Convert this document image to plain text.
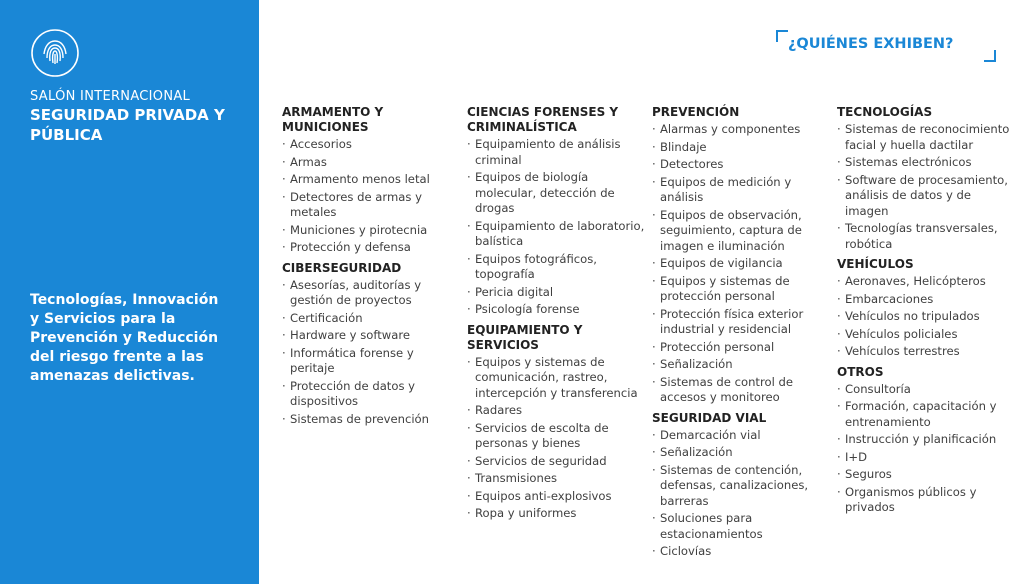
SALÓN INTERNACIONAL
SEGURIDAD PRIVADA Y PÚBLICA
Tecnologías, Innovación y Servicios para la Prevención y Reducción del riesgo frente a las amenazas delictivas.
¿QUIÉNES EXHIBEN?
ARMAMENTO Y MUNICIONES
· Accesorios
· Armas
· Armamento menos letal
· Detectores de armas y metales
· Municiones y pirotecnia
· Protección y defensa
CIBERSEGURIDAD
· Asesorías, auditorías y gestión de proyectos
· Certificación
· Hardware y software
· Informática forense y peritaje
· Protección de datos y dispositivos
· Sistemas de prevención
CIENCIAS FORENSES Y CRIMINALÍSTICA
· Equipamiento de análisis criminal
· Equipos de biología molecular, detección de drogas
· Equipamiento de laboratorio, balística
· Equipos fotográficos, topografía
· Pericia digital
· Psicología forense
EQUIPAMIENTO Y SERVICIOS
· Equipos y sistemas de comunicación, rastreo, intercepción y transferencia
· Radares
· Servicios de escolta de personas y bienes
· Servicios de seguridad
· Transmisiones
· Equipos anti-explosivos
· Ropa y uniformes
PREVENCIÓN
· Alarmas y componentes
· Blindaje
· Detectores
· Equipos de medición y análisis
· Equipos de observación, seguimiento, captura de imagen e iluminación
· Equipos de vigilancia
· Equipos y sistemas de protección personal
· Protección física exterior industrial y residencial
· Protección personal
· Señalización
· Sistemas de control de accesos y monitoreo
SEGURIDAD VIAL
· Demarcación vial
· Señalización
· Sistemas de contención, defensas, canalizaciones, barreras
· Soluciones para estacionamientos
· Ciclovías
TECNOLOGÍAS
· Sistemas de reconocimiento facial y huella dactilar
· Sistemas electrónicos
· Software de procesamiento, análisis de datos y de imagen
· Tecnologías transversales, robótica
VEHÍCULOS
· Aeronaves, Helicópteros
· Embarcaciones
· Vehículos no tripulados
· Vehículos policiales
· Vehículos terrestres
OTROS
· Consultoría
· Formación, capacitación y entrenamiento
· Instrucción y planificación
· I+D
· Seguros
· Organismos públicos y privados
